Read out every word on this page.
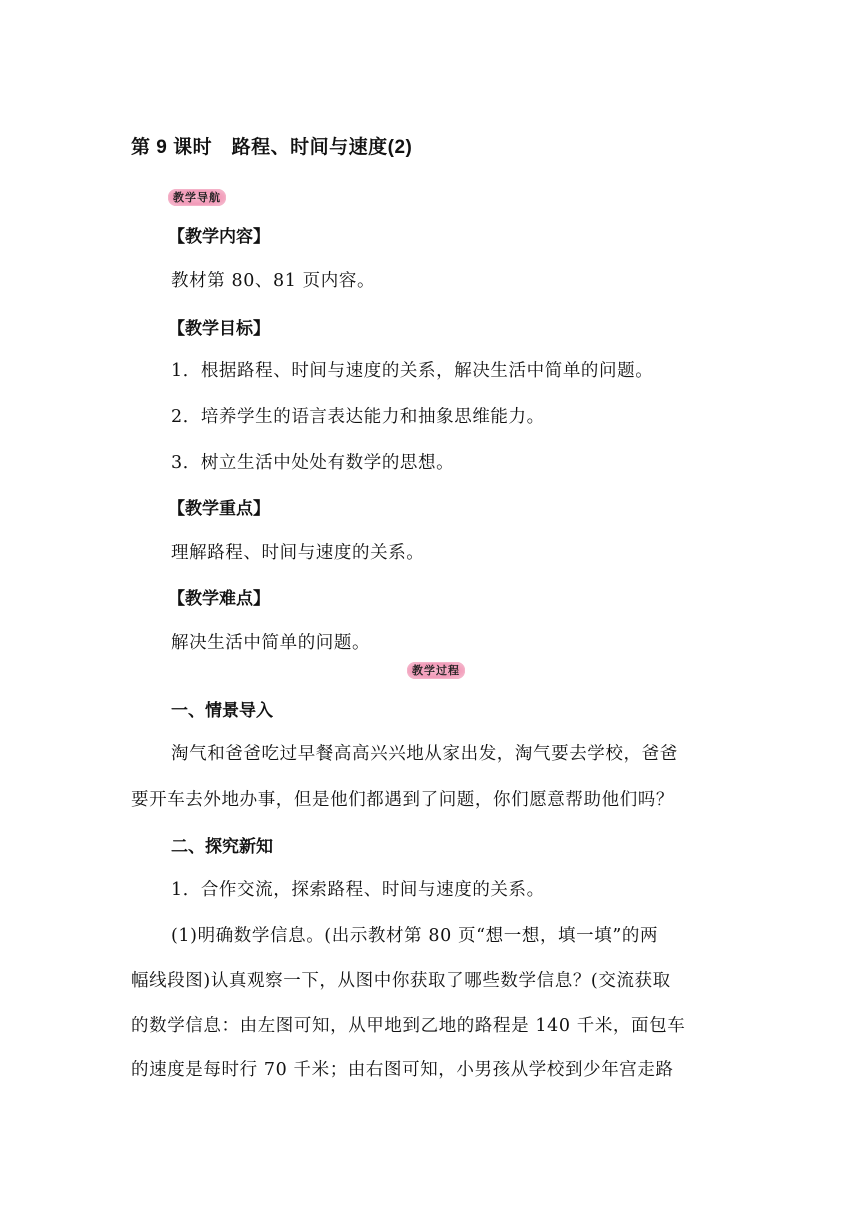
第 9 课时　路程、时间与速度(2)
教学导航
【教学内容】
教材第 80、81 页内容。
【教学目标】
1．根据路程、时间与速度的关系，解决生活中简单的问题。
2．培养学生的语言表达能力和抽象思维能力。
3．树立生活中处处有数学的思想。
【教学重点】
理解路程、时间与速度的关系。
【教学难点】
解决生活中简单的问题。
教学过程
一、情景导入
淘气和爸爸吃过早餐高高兴兴地从家出发，淘气要去学校，爸爸
要开车去外地办事，但是他们都遇到了问题，你们愿意帮助他们吗？
二、探究新知
1．合作交流，探索路程、时间与速度的关系。
(1)明确数学信息。(出示教材第 80 页“想一想，填一填”的两
幅线段图)认真观察一下，从图中你获取了哪些数学信息？(交流获取
的数学信息：由左图可知，从甲地到乙地的路程是 140 千米，面包车
的速度是每时行 70 千米；由右图可知，小男孩从学校到少年宫走路
